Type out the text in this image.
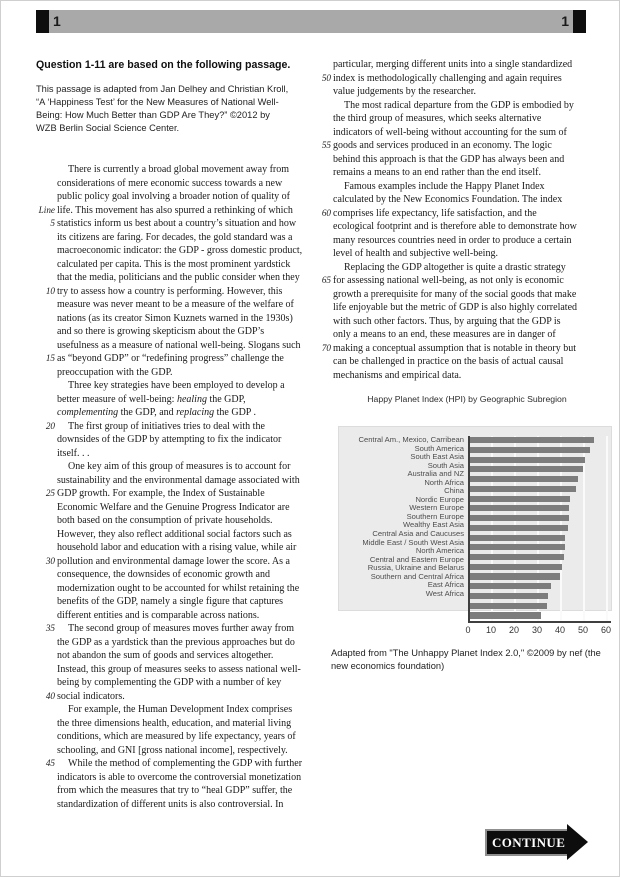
1	1
Question 1-11 are based on the following passage.
This passage is adapted from Jan Delhey and Christian Kroll,
“A ‘Happiness Test’ for the New Measures of National Well-
Being: How Much Better than GDP Are They?” ©2012 by
WZB Berlin Social Science Center.
There is currently a broad global movement away from
considerations of mere economic success towards a new
public policy goal involving a broader notion of quality of
Line life. This movement has also spurred a rethinking of which
5 statistics inform us best about a country’s situation and how
its citizens are faring. For decades, the gold standard was a
macroeconomic indicator: the GDP - gross domestic product,
calculated per capita. This is the most prominent yardstick
that the media, politicians and the public consider when they
10 try to assess how a country is performing. However, this
measure was never meant to be a measure of the welfare of
nations (as its creator Simon Kuznets warned in the 1930s)
and so there is growing skepticism about the GDP’s
usefulness as a measure of national well-being. Slogans such
15 as “beyond GDP” or “redefining progress” challenge the
preoccupation with the GDP.
Three key strategies have been employed to develop a
better measure of well-being: healing the GDP,
complementing the GDP, and replacing the GDP .
20 The first group of initiatives tries to deal with the
downsides of the GDP by attempting to fix the indicator
itself. . .
One key aim of this group of measures is to account for
sustainability and the environmental damage associated with
25 GDP growth. For example, the Index of Sustainable
Economic Welfare and the Genuine Progress Indicator are
both based on the consumption of private households.
However, they also reflect additional social factors such as
household labor and education with a rising value, while air
30 pollution and environmental damage lower the score. As a
consequence, the downsides of economic growth and
modernization ought to be accounted for whilst retaining the
benefits of the GDP, namely a single figure that captures
different entities and is comparable across nations.
35 The second group of measures moves further away from
the GDP as a yardstick than the previous approaches but do
not abandon the sum of goods and services altogether.
Instead, this group of measures seeks to assess national well-
being by complementing the GDP with a number of key
40 social indicators.
For example, the Human Development Index comprises
the three dimensions health, education, and material living
conditions, which are measured by life expectancy, years of
schooling, and GNI [gross national income], respectively.
45 While the method of complementing the GDP with further
indicators is able to overcome the controversial monetization
from which the measures that try to “heal GDP” suffer, the
standardization of different units is also controversial. In
particular, merging different units into a single standardized
50 index is methodologically challenging and again requires
value judgements by the researcher.
The most radical departure from the GDP is embodied by
the third group of measures, which seeks alternative
indicators of well-being without accounting for the sum of
55 goods and services produced in an economy. The logic
behind this approach is that the GDP has always been and
remains a means to an end rather than the end itself.
Famous examples include the Happy Planet Index
calculated by the New Economics Foundation. The index
60 comprises life expectancy, life satisfaction, and the
ecological footprint and is therefore able to demonstrate how
many resources countries need in order to produce a certain
level of health and subjective well-being.
Replacing the GDP altogether is quite a drastic strategy
65 for assessing national well-being, as not only is economic
growth a prerequisite for many of the social goods that make
life enjoyable but the metric of GDP is also highly correlated
with such other factors. Thus, by arguing that the GDP is
only a means to an end, these measures are in danger of
70 making a conceptual assumption that is notable in theory but
can be challenged in practice on the basis of actual causal
mechanisms and empirical data.
Happy Planet Index (HPI) by Geographic Subregion
Central Am., Mexico, Carribean
South America
South East Asia
South Asia
Australia and NZ
North Africa
China
Nordic Europe
Western Europe
Southern Europe
Wealthy East Asia
Central Asia and Caucuses
Middle East / South West Asia
North America
Central and Eastern Europe
Russia, Ukraine and Belarus
Southern and Central Africa
East Africa
West Africa
0 10 20 30 40 50 60
Adapted from "The Unhappy Planet Index 2.0," ©2009 by nef (the new economics foundation)
CONTINUE
